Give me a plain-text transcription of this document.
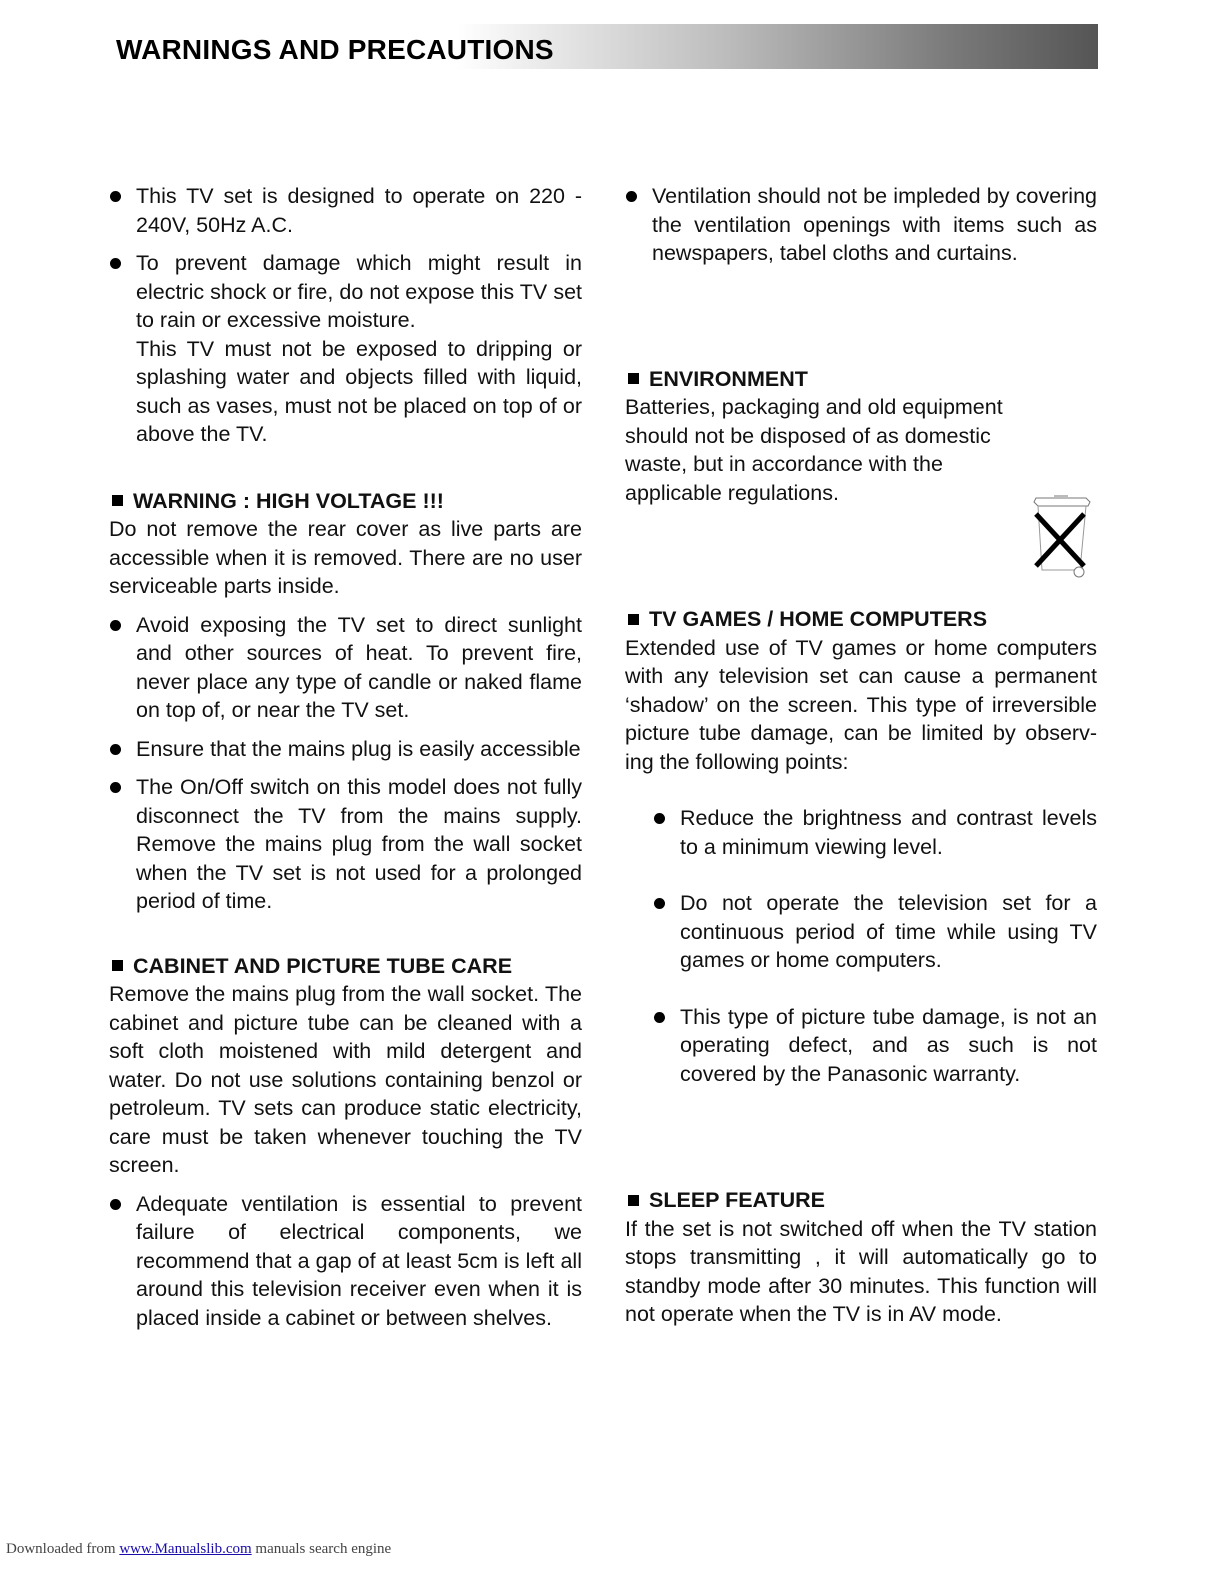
WARNINGS AND PRECAUTIONS
This TV set is designed to operate on 220 - 240V, 50Hz A.C.
To prevent damage which might result in electric shock or fire, do not expose this TV set to rain or excessive moisture.
This TV must not be exposed to dripping or splashing water and objects filled with liquid, such as vases, must not be placed on top of or above the TV.
WARNING : HIGH VOLTAGE !!!
Do not remove the rear cover as live parts are accessible when it is removed. There are no user serviceable parts inside.
Avoid exposing the TV set to direct sunlight and other sources of heat. To prevent fire, never place any type of candle or naked flame on top of, or near the TV set.
Ensure that the mains plug is easily accessible
The On/Off switch on this model does not fully disconnect the TV from the mains supply. Remove the mains plug from the wall socket when the TV set is not used for a prolonged period of time.
CABINET AND PICTURE TUBE CARE
Remove the mains plug from the wall socket. The cabinet and picture tube can be cleaned with a soft cloth moistened with mild detergent and water. Do not use solutions containing benzol or petroleum. TV sets can produce static electricity, care must be taken whenever touching the TV screen.
Adequate ventilation is essential to prevent failure of electrical components, we recommend that a gap of at least 5cm is left all around this television receiver even when it is placed inside a cabinet or between shelves.
Ventilation should not be impleded by covering the ventilation openings with items such as newspapers, tabel cloths and curtains.
ENVIRONMENT
Batteries, packaging and old equipment
should not be disposed of as domestic
waste, but in accordance with the
applicable regulations.
TV GAMES / HOME COMPUTERS
Extended use of TV games or home computers with any television set can cause a permanent ‘shadow’ on the screen. This type of irreversible picture tube damage, can be limited by observ-ing the following points:
Reduce the brightness and contrast levels to a minimum viewing level.
Do not operate the television set for a continuous period of time while using TV games or home computers.
This type of picture tube damage, is not an operating defect, and as such is not covered by the Panasonic warranty.
SLEEP FEATURE
If the set is not switched off when the TV station stops transmitting , it will automatically go to standby mode after 30 minutes. This function will not operate when the TV is in AV mode.
Downloaded from www.Manualslib.com manuals search engine
